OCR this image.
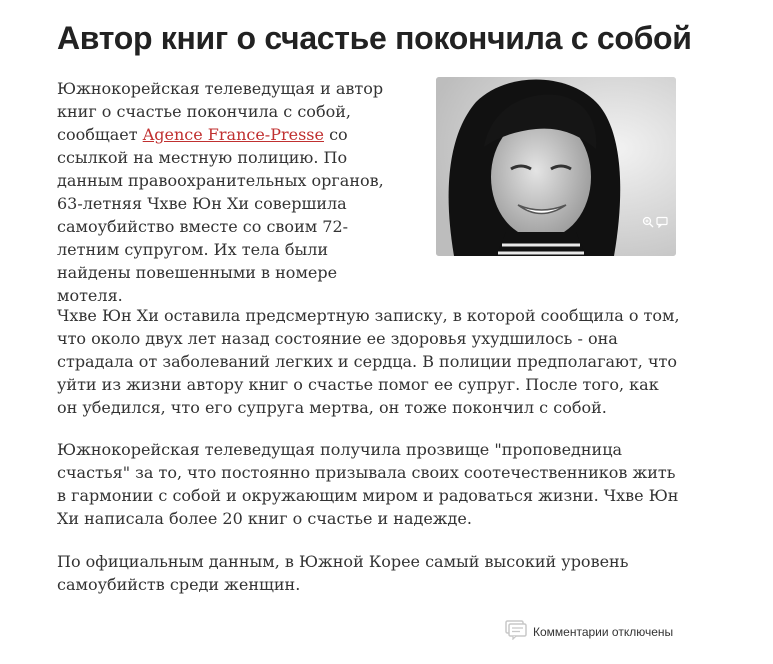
Автор книг о счастье покончила с собой

Южнокорейская телеведущая и автор книг о счастье покончила с собой, сообщает Agence France-Presse со ссылкой на местную полицию. По данным правоохранительных органов, 63-летняя Чхве Юн Хи совершила самоубийство вместе со своим 72-летним супругом. Их тела были найдены повешенными в номере мотеля.

Чхве Юн Хи оставила предсмертную записку, в которой сообщила о том, что около двух лет назад состояние ее здоровья ухудшилось - она страдала от заболеваний легких и сердца. В полиции предполагают, что уйти из жизни автору книг о счастье помог ее супруг. После того, как он убедился, что его супруга мертва, он тоже покончил с собой.

Южнокорейская телеведущая получила прозвище "проповедница счастья" за то, что постоянно призывала своих соотечественников жить в гармонии с собой и окружающим миром и радоваться жизни. Чхве Юн Хи написала более 20 книг о счастье и надежде.

По официальным данным, в Южной Корее самый высокий уровень самоубийств среди женщин.

Комментарии отключены
